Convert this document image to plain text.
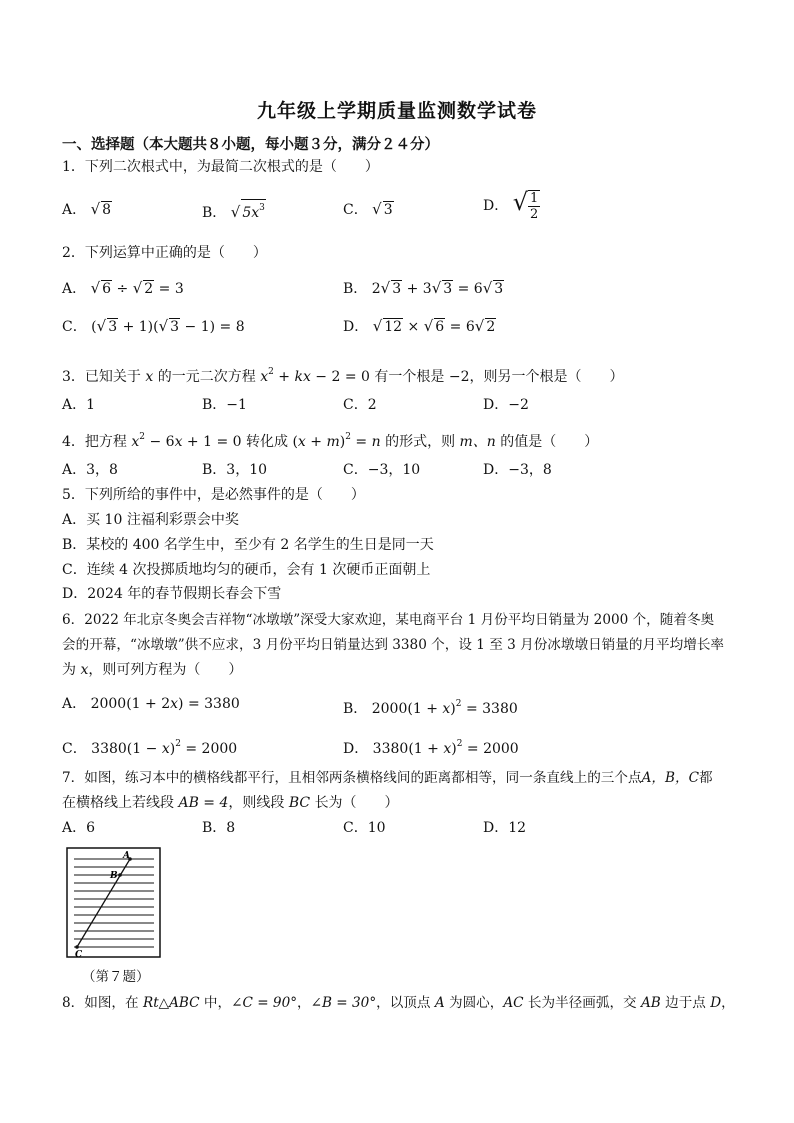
九年级上学期质量监测数学试卷
一、选择题（本大题共８小题，每小题３分，满分２４分）
1．下列二次根式中，为最简二次根式的是（　　）
A． √ 8	B． √ $5x^3$	C． √ 3	D． √ $\frac{1}{2}$
2．下列运算中正确的是（　　）
A． √ 6 ÷ √ 2 = 3	B． 2√ 3 + 3√ 3 = 6√ 3
C． (√ 3 + 1)(√ 3 − 1) = 8	D． √ 12 × √ 6 = 6√ 2
3．已知关于 x 的一元二次方程 $x^2$ + kx − 2 = 0 有一个根是 −2，则另一个根是（　　）
A．1	B．−1	C．2	D．−2
4．把方程 $x^2 - 6x + 1 = 0$ 转化成 $(x + m)^2 = n$ 的形式，则 m、n 的值是（　　）
A．3，8	B．3，10	C．−3，10	D．−3，8
5．下列所给的事件中，是必然事件的是（　　）
A．买 10 注福利彩票会中奖
B．某校的 400 名学生中，至少有 2 名学生的生日是同一天
C．连续 4 次投掷质地均匀的硬币，会有 1 次硬币正面朝上
D．2024 年的春节假期长春会下雪
6．2022 年北京冬奥会吉祥物“冰墩墩”深受大家欢迎，某电商平台 1 月份平均日销量为 2000 个，随着冬奥
会的开幕，“冰墩墩”供不应求，3 月份平均日销量达到 3380 个，设 1 至 3 月份冰墩墩日销量的月平均增长率
为 x，则可列方程为（　　）
A． 2000(1 + 2x) = 3380	B． $2000(1 + x)^2 = 3380$
C． $3380(1 - x)^2 = 2000$	D． $3380(1 + x)^2 = 2000$
7．如图，练习本中的横格线都平行，且相邻两条横格线间的距离都相等，同一条直线上的三个点A，B，C都
在横格线上若线段 AB = 4，则线段 BC 长为（　　）
A．6	B．8	C．10	D．12
A
B
C
（第７题）
8．如图，在 Rt△ABC 中，∠C = 90°，∠B = 30°，以顶点 A 为圆心，AC 长为半径画弧，交 AB 边于点 D，
